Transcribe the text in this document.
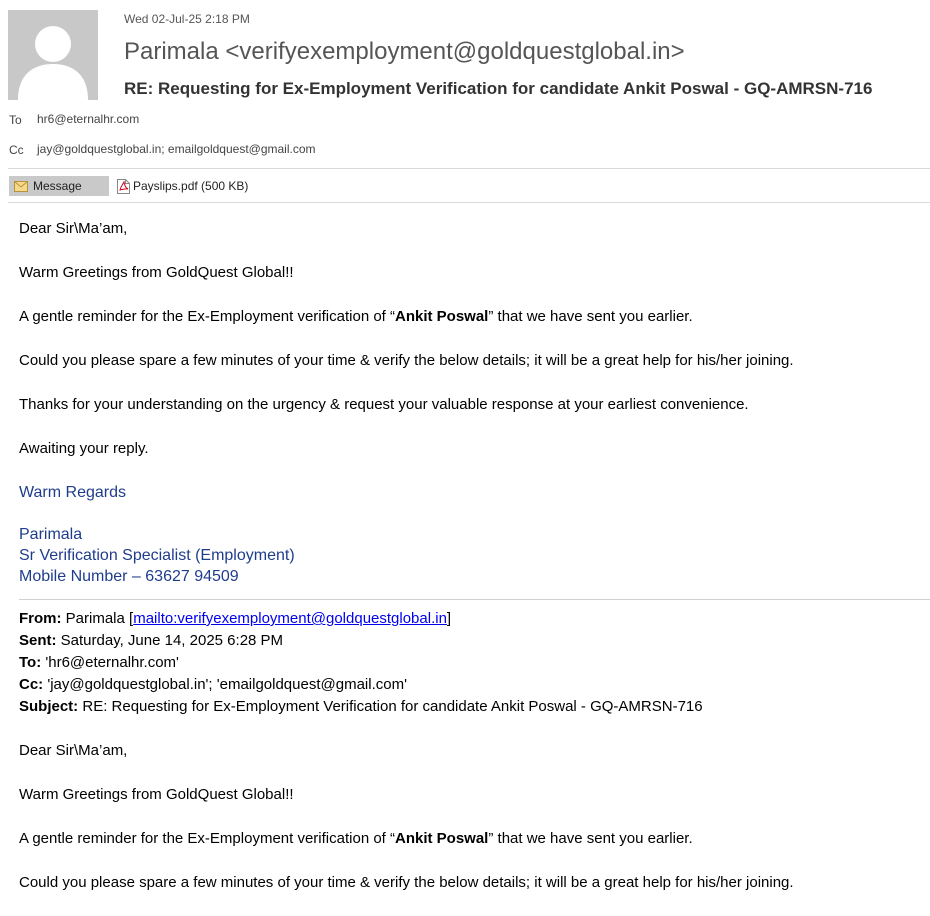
Wed 02-Jul-25 2:18 PM
Parimala <verifyexemployment@goldquestglobal.in>
RE: Requesting for Ex-Employment Verification for candidate Ankit Poswal - GQ-AMRSN-716
To hr6@eternalhr.com
Cc jay@goldquestglobal.in; emailgoldquest@gmail.com
Message	Payslips.pdf
(500 KB)

Dear Sir\Ma’am,

Warm Greetings from GoldQuest Global!!

A gentle reminder for the Ex-Employment verification of “Ankit Poswal” that we have sent you earlier.

Could you please spare a few minutes of your time & verify the below details; it will be a great help for his/her joining.

Thanks for your understanding on the urgency & request your valuable response at your earliest convenience.

Awaiting your reply.

Warm Regards

Parimala

Sr Verification Specialist (Employment)

Mobile Number – 63627 94509

From: Parimala [mailto:verifyexemployment@goldquestglobal.in]

Sent: Saturday, June 14, 2025 6:28 PM

To: 'hr6@eternalhr.com'

Cc: 'jay@goldquestglobal.in'; 'emailgoldquest@gmail.com'

Subject: RE: Requesting for Ex-Employment Verification for candidate Ankit Poswal - GQ-AMRSN-716

Dear Sir\Ma’am,

Warm Greetings from GoldQuest Global!!

A gentle reminder for the Ex-Employment verification of “Ankit Poswal” that we have sent you earlier.

Could you please spare a few minutes of your time & verify the below details; it will be a great help for his/her joining.
